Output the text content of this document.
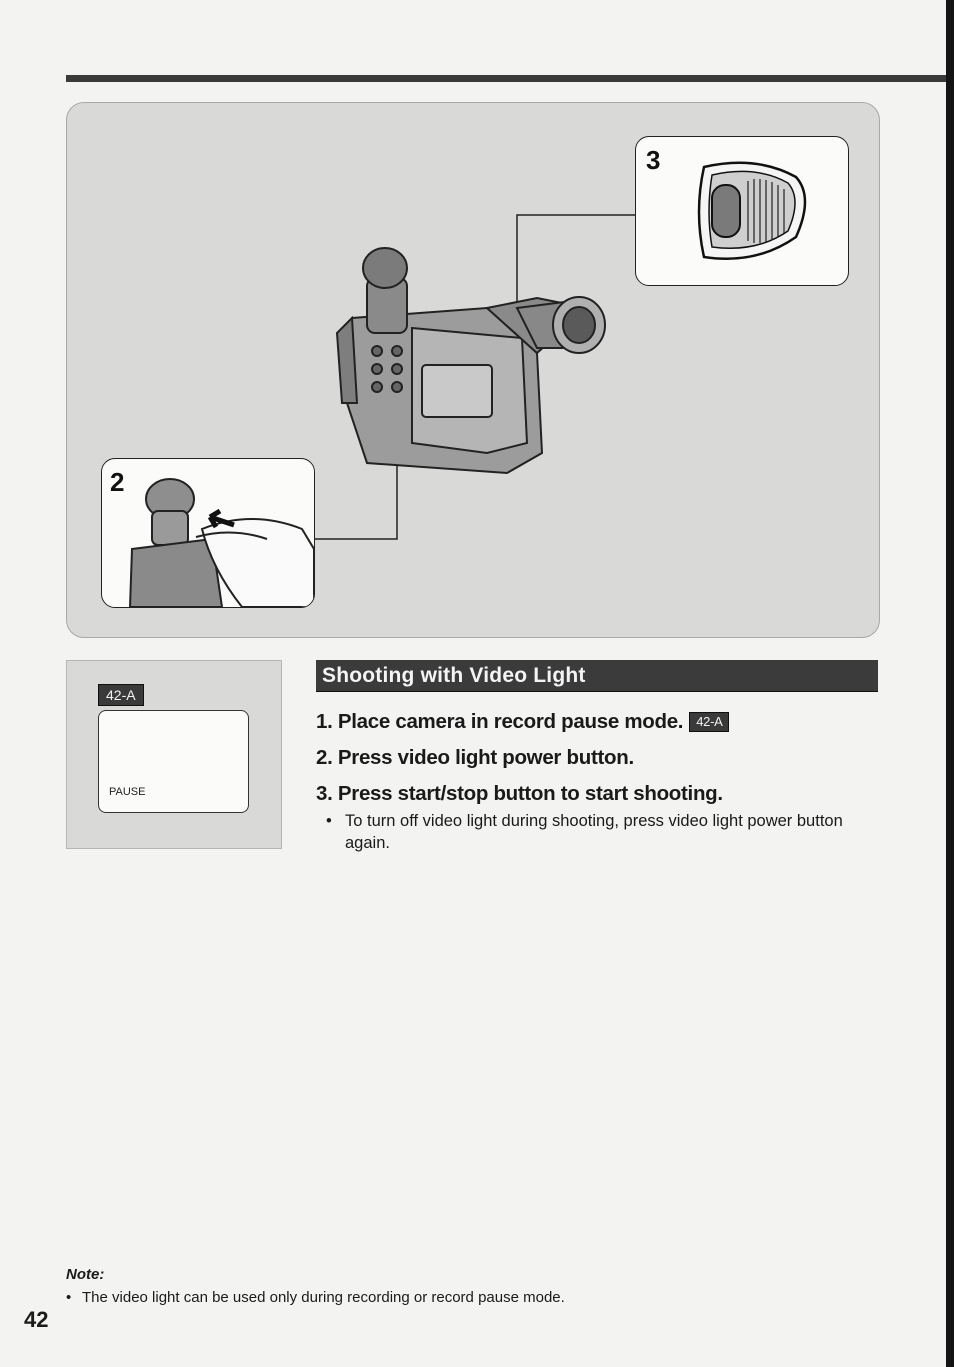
3
2
42-A
PAUSE
Shooting with Video Light

1. Place camera in record pause mode. 42-A

2. Press video light power button.

3. Press start/stop button to start shooting.

• To turn off video light during shooting, press video light power button again.
Note:
• The video light can be used only during recording or record pause mode.
42
